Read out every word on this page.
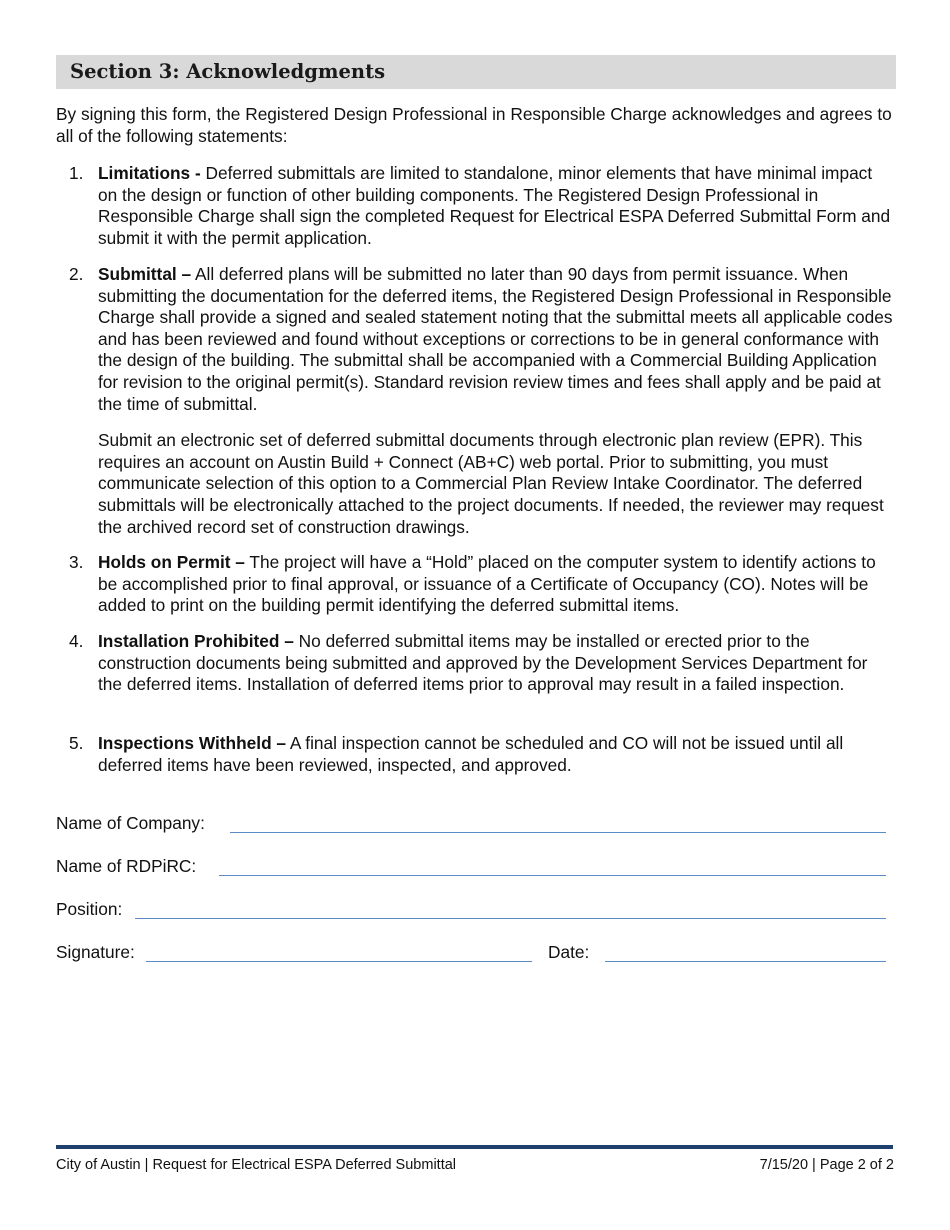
Section 3: Acknowledgments

By signing this form, the Registered Design Professional in Responsible Charge acknowledges and agrees to all of the following statements:

1. Limitations - Deferred submittals are limited to standalone, minor elements that have minimal impact on the design or function of other building components. The Registered Design Professional in Responsible Charge shall sign the completed Request for Electrical ESPA Deferred Submittal Form and submit it with the permit application.
2. Submittal – All deferred plans will be submitted no later than 90 days from permit issuance. When submitting the documentation for the deferred items, the Registered Design Professional in Responsible Charge shall provide a signed and sealed statement noting that the submittal meets all applicable codes and has been reviewed and found without exceptions or corrections to be in general conformance with the design of the building. The submittal shall be accompanied with a Commercial Building Application for revision to the original permit(s). Standard revision review times and fees shall apply and be paid at the time of submittal.
Submit an electronic set of deferred submittal documents through electronic plan review (EPR). This requires an account on Austin Build + Connect (AB+C) web portal. Prior to submitting, you must communicate selection of this option to a Commercial Plan Review Intake Coordinator. The deferred submittals will be electronically attached to the project documents. If needed, the reviewer may request the archived record set of construction drawings.
3. Holds on Permit – The project will have a “Hold” placed on the computer system to identify actions to be accomplished prior to final approval, or issuance of a Certificate of Occupancy (CO). Notes will be added to print on the building permit identifying the deferred submittal items.
4. Installation Prohibited – No deferred submittal items may be installed or erected prior to the construction documents being submitted and approved by the Development Services Department for the deferred items. Installation of deferred items prior to approval may result in a failed inspection.
5. Inspections Withheld – A final inspection cannot be scheduled and CO will not be issued until all deferred items have been reviewed, inspected, and approved.
Name of Company:
Name of RDPiRC:
Position:
Signature:	Date:
City of Austin | Request for Electrical ESPA Deferred Submittal	7/15/20 | Page 2 of 2
